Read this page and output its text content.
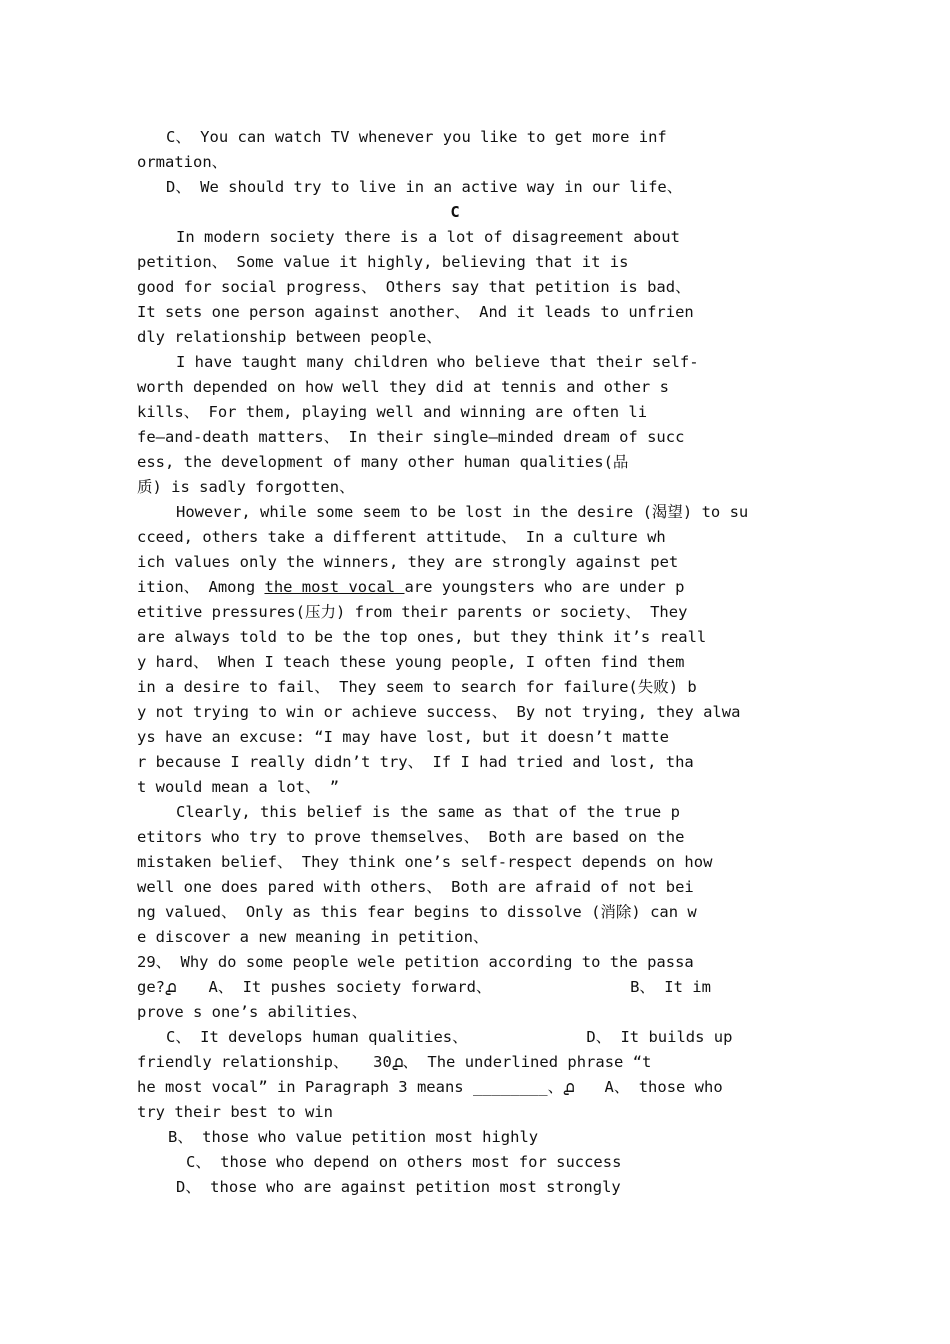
C、 You can watch TV whenever you like to get more inf
ormation、
D、 We should try to live in an active way in our life、
C
In modern society there is a lot of disagreement about
petition、 Some value it highly, believing that it is
good for social progress、 Others say that petition is bad、
It sets one person against another、 And it leads to unfrien
dly relationship between people、
I have taught many children who believe that their self-
worth depended on how well they did at tennis and other s
kills、 For them, playing well and winning are often li
fe—and-death matters、 In their single—minded dream of succ
ess, the development of many other human qualities(品
质) is sadly forgotten、
However, while some seem to be lost in the desire (渴望) to su
cceed, others take a different attitude、 In a culture wh
ich values only the winners, they are strongly against pet
ition、 Among the most vocal are youngsters who are under p
etitive pressures(压力) from their parents or society、 They
are always told to be the top ones, but they think it’s reall
y hard、 When I teach these young people, I often find them
in a desire to fail、 They seem to search for failure(失败) b
y not trying to win or achieve success、 By not trying, they alwa
ys have an excuse: “I may have lost, but it doesn’t matte
r because I really didn’t try、 If I had tried and lost, tha
t would mean a lot、 ”
Clearly, this belief is the same as that of the true p
etitors who try to prove themselves、 Both are based on the
mistaken belief、 They think one’s self-respect depends on how
well one does pared with others、 Both are afraid of not bei
ng valued、 Only as this fear begins to dissolve (消除) can w
e discover a new meaning in petition、
29、 Why do some people welе petition according to the passa
ge?൧ A、 It pushes society forward、	B、 It im
prove s one’s abilities、
C、 It develops human qualities、	D、 It builds up
friendly relationship、 30൧、 The underlined phrase “t
he most vocal” in Paragraph 3 means ________、൧ A、 those who
try their best to win
B、 those who value petition most highly
C、 those who depend on others most for success
D、 those who are against petition most strongly
